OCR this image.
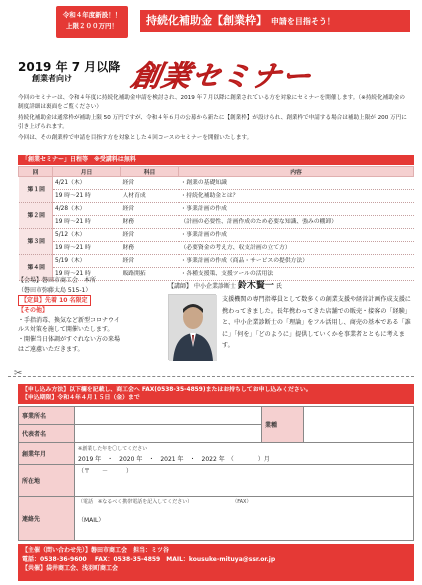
令和４年度新設！！
上限２００万円！	持続化補助金【創業枠】 申請を目指そう！
2019 年 7 月以降
創業者向け 創業セミナー

今回のセミナーは、令和４年度に持続化補助金申請を検討され、2019 年７月以降に創業されている方を対象にセミナーを開催します。（※持続化補助金の制度詳細は裏面をご覧ください）

持続化補助金は通常枠が補助上限 50 万円ですが、令和４年６月の公募から新たに【創業枠】が設けられ、創業枠で申請する場合は補助上限が 200 万円に引き上げられます。

今回は、その創業枠で申請を目指す方を対象とした４回コースのセミナーを開催いたします。

「創業セミナー」日程等　※受講料は無料
回	月日	科目	内容
第１回	4/21（木）	経営	・創業の基礎知識
	19 時～21 時	人材育成	・持続化補助金とは？
第２回	4/28（木）	経営	・事業計画の作成
	19 時～21 時	財務	（計画の必要性、計画作成のため必要な知識、強みの棚卸）
第３回	5/12（木）	経営	・事業計画の作成
	19 時～21 時	財務	（必要資金の考え方、収支計画の立て方）
第４回	5/19（木）	経営	・事業計画の作成（商品・サービスの提供方法）
	19 時～21 時	販路開拓	・各種支援策、支援ツールの活用法
【会場】磐田市商工会　本所
（磐田市弥藤太島 515-1）
【定員】先着 10 名限定
【その他】
・手指消毒、換気など新型コロナウイ
ルス対策を施して開催いたします。
・開催当日体調がすぐれない方の来場
はご遠慮いただきます。
【講師】 中小企業診断士 鈴木賢一 氏
支援機関の専門指導員として数多くの創業支援や経営計画作成支援に携わってきました。長年携わってきた店舗での販売・接客の「経験」と、中小企業診断士の「理論」をフル活用し、商売の基本である「誰に」「何を」「どのように」提供していくかを事業者とともに考えます。
✂
【申し込み方法】以下欄を記載し、商工会へ FAX(0538-35-4859)またはお持ちしてお申し込みください。
【申込期限】令和４年４月１５日（金）まで
事業所名		業種	
代表者名			
創業年月	※創業した年を〇してください
2019 年　・　2020 年　・　2021 年　・　2022 年　（　　　　）月		

所在地	（〒　　－　　　）		
連絡先	（電話　※なるべく携帯電話を記入してください）　　　　　　　　　 （FAX）
（MAIL）		
【主催（問い合わせ先）】磐田市商工会　担当：ミツ谷
電話：0538-36-9600　 FAX：0538-35-4859　MAIL：kousuke-mituya@ssr.or.jp
【共催】袋井商工会、浅羽町商工会
